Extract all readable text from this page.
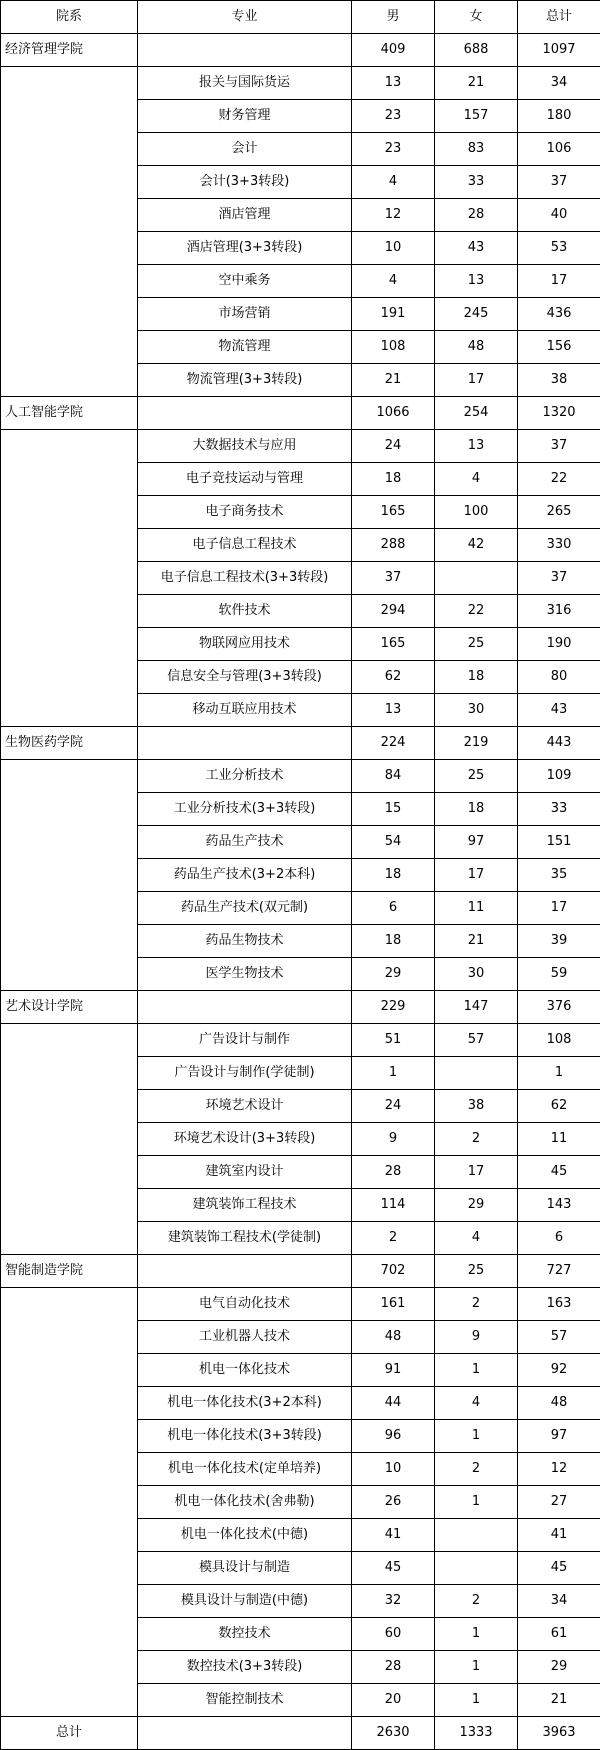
院系	专业	男	女	总计
经济管理学院		409	688	1097
	报关与国际货运	13	21	34
	财务管理	23	157	180
	会计	23	83	106
	会计(3+3转段)	4	33	37
	酒店管理	12	28	40
	酒店管理(3+3转段)	10	43	53
	空中乘务	4	13	17
	市场营销	191	245	436
	物流管理	108	48	156
	物流管理(3+3转段)	21	17	38
人工智能学院		1066	254	1320
	大数据技术与应用	24	13	37
	电子竞技运动与管理	18	4	22
	电子商务技术	165	100	265
	电子信息工程技术	288	42	330
	电子信息工程技术(3+3转段)	37		37
	软件技术	294	22	316
	物联网应用技术	165	25	190
	信息安全与管理(3+3转段)	62	18	80
	移动互联应用技术	13	30	43
生物医药学院		224	219	443
	工业分析技术	84	25	109
	工业分析技术(3+3转段)	15	18	33
	药品生产技术	54	97	151
	药品生产技术(3+2本科)	18	17	35
	药品生产技术(双元制)	6	11	17
	药品生物技术	18	21	39
	医学生物技术	29	30	59
艺术设计学院		229	147	376
	广告设计与制作	51	57	108
	广告设计与制作(学徒制)	1		1
	环境艺术设计	24	38	62
	环境艺术设计(3+3转段)	9	2	11
	建筑室内设计	28	17	45
	建筑装饰工程技术	114	29	143
	建筑装饰工程技术(学徒制)	2	4	6
智能制造学院		702	25	727
	电气自动化技术	161	2	163
	工业机器人技术	48	9	57
	机电一体化技术	91	1	92
	机电一体化技术(3+2本科)	44	4	48
	机电一体化技术(3+3转段)	96	1	97
	机电一体化技术(定单培养)	10	2	12
	机电一体化技术(舍弗勒)	26	1	27
	机电一体化技术(中德)	41		41
	模具设计与制造	45		45
	模具设计与制造(中德)	32	2	34
	数控技术	60	1	61
	数控技术(3+3转段)	28	1	29
	智能控制技术	20	1	21
总计		2630	1333	3963
